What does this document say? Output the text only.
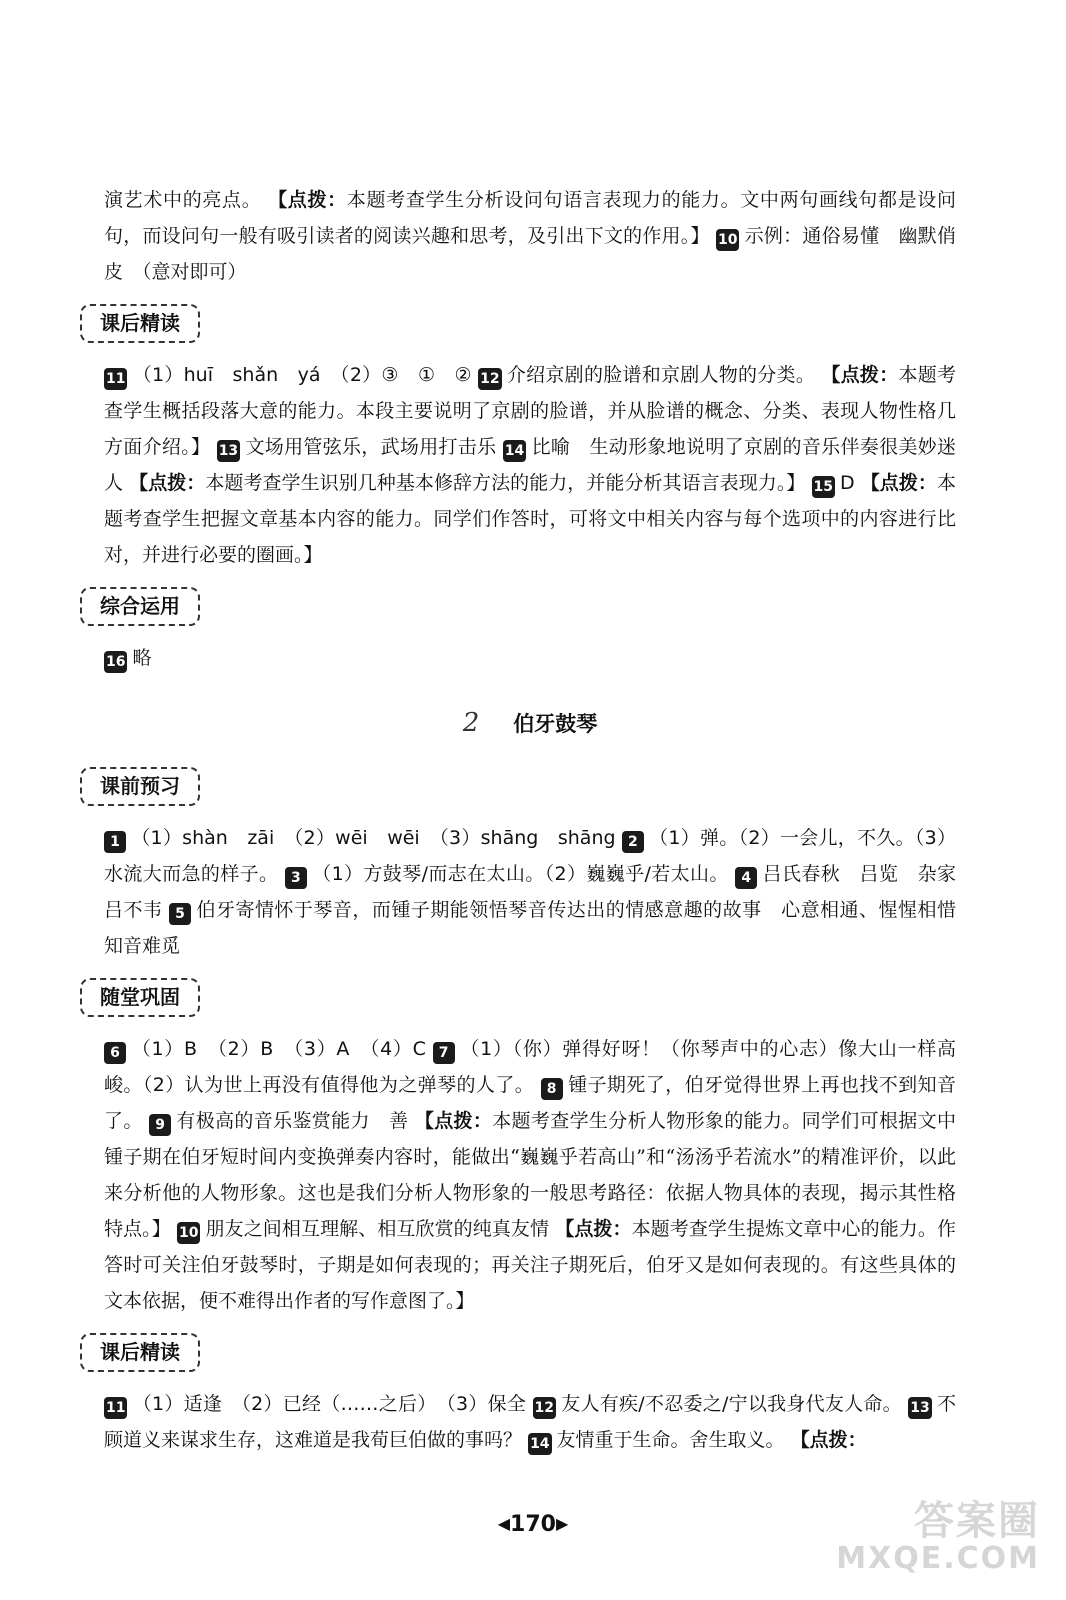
演艺术中的亮点。 【点拨：本题考查学生分析设问句语言表现力的能力。文中两句画线句都是设问句，而设问句一般有吸引读者的阅读兴趣和思考，及引出下文的作用。】 10 示例：通俗易懂　幽默俏皮　（意对即可）

课后精读

11 （1）huī　shǎn　yá　（2）③　①　② 12 介绍京剧的脸谱和京剧人物的分类。 【点拨：本题考查学生概括段落大意的能力。本段主要说明了京剧的脸谱，并从脸谱的概念、分类、表现人物性格几方面介绍。】 13 文场用管弦乐，武场用打击乐 14 比喻　生动形象地说明了京剧的音乐伴奏很美妙迷人 【点拨：本题考查学生识别几种基本修辞方法的能力，并能分析其语言表现力。】 15 D 【点拨：本题考查学生把握文章基本内容的能力。同学们作答时，可将文中相关内容与每个选项中的内容进行比对，并进行必要的圈画。】

综合运用

16 略

2 伯牙鼓琴
课前预习

1 （1）shàn　zāi　（2）wēi　wēi　（3）shāng　shāng 2 （1）弹。（2）一会儿，不久。（3）水流大而急的样子。 3 （1）方鼓琴/而志在太山。（2）巍巍乎/若太山。 4 吕氏春秋　吕览　杂家　吕不韦 5 伯牙寄情怀于琴音，而锺子期能领悟琴音传达出的情感意趣的故事　心意相通、惺惺相惜　知音难觅

随堂巩固

6 （1）B　（2）B　（3）A　（4）C 7 （1）（你）弹得好呀！（你琴声中的心志）像大山一样高峻。（2）认为世上再没有值得他为之弹琴的人了。 8 锺子期死了，伯牙觉得世界上再也找不到知音了。 9 有极高的音乐鉴赏能力　善 【点拨：本题考查学生分析人物形象的能力。同学们可根据文中锺子期在伯牙短时间内变换弹奏内容时，能做出“巍巍乎若高山”和“汤汤乎若流水”的精准评价，以此来分析他的人物形象。这也是我们分析人物形象的一般思考路径：依据人物具体的表现，揭示其性格特点。】 10 朋友之间相互理解、相互欣赏的纯真友情 【点拨：本题考查学生提炼文章中心的能力。作答时可关注伯牙鼓琴时，子期是如何表现的；再关注子期死后，伯牙又是如何表现的。有这些具体的文本依据，便不难得出作者的写作意图了。】

课后精读

11 （1）适逢　（2）已经（……之后）　（3）保全 12 友人有疾/不忍委之/宁以我身代友人命。 13 不顾道义来谋求生存，这难道是我荀巨伯做的事吗？ 14 友情重于生命。舍生取义。 【点拨：

◀170▶	答案圈
MXQE.COM
